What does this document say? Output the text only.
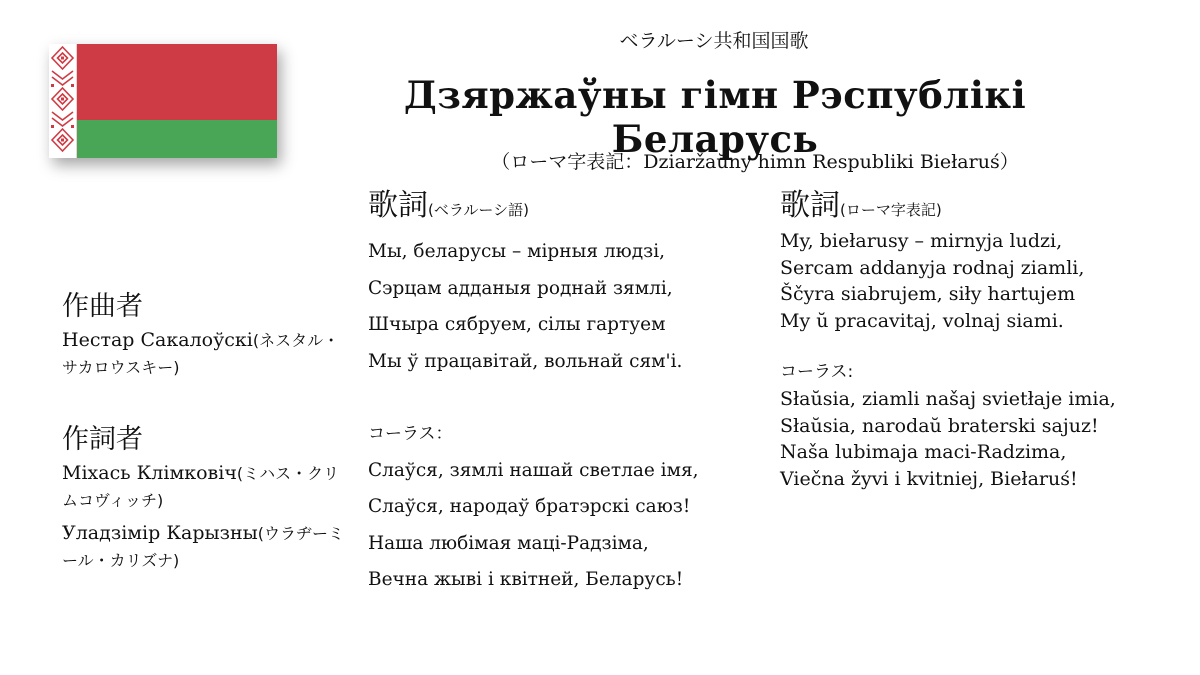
ベラルーシ共和国国歌
Дзяржаўны гімн Рэспублікі Беларусь

（ローマ字表記：Dziaržaŭny himn Respubliki Biełaruś）

作曲者

Нестар Сакалоўскі(ネスタル・サカロウスキー)

作詞者

Міхась Клімковіч(ミハス・クリムコヴィッチ)

Уладзімір Карызны(ウラヂーミール・カリズナ)

歌詞(ベラルーシ語)
Мы, беларусы – мірныя людзі,
Сэрцам адданыя роднай зямлі,
Шчыра сябруем, сілы гартуем
Мы ў працавітай, вольнай сям'і.
コーラス：
Слаўся, зямлі нашай светлае імя,
Слаўся, народаў братэрскі саюз!
Наша любімая маці-Радзіма,
Вечна жыві і квітней, Беларусь!
歌詞(ローマ字表記)
My, biełarusy – mirnyja ludzi,
Sercam addanyja rodnaj ziamli,
Ščyra siabrujem, siły hartujem
My ŭ pracavitaj, volnaj siami.
コーラス:
Słaŭsia, ziamli našaj svietłaje imia,
Słaŭsia, narodaŭ braterski sajuz!
Naša lubimaja maci-Radzima,
Viečna žyvi i kvitniej, Biełaruś!
